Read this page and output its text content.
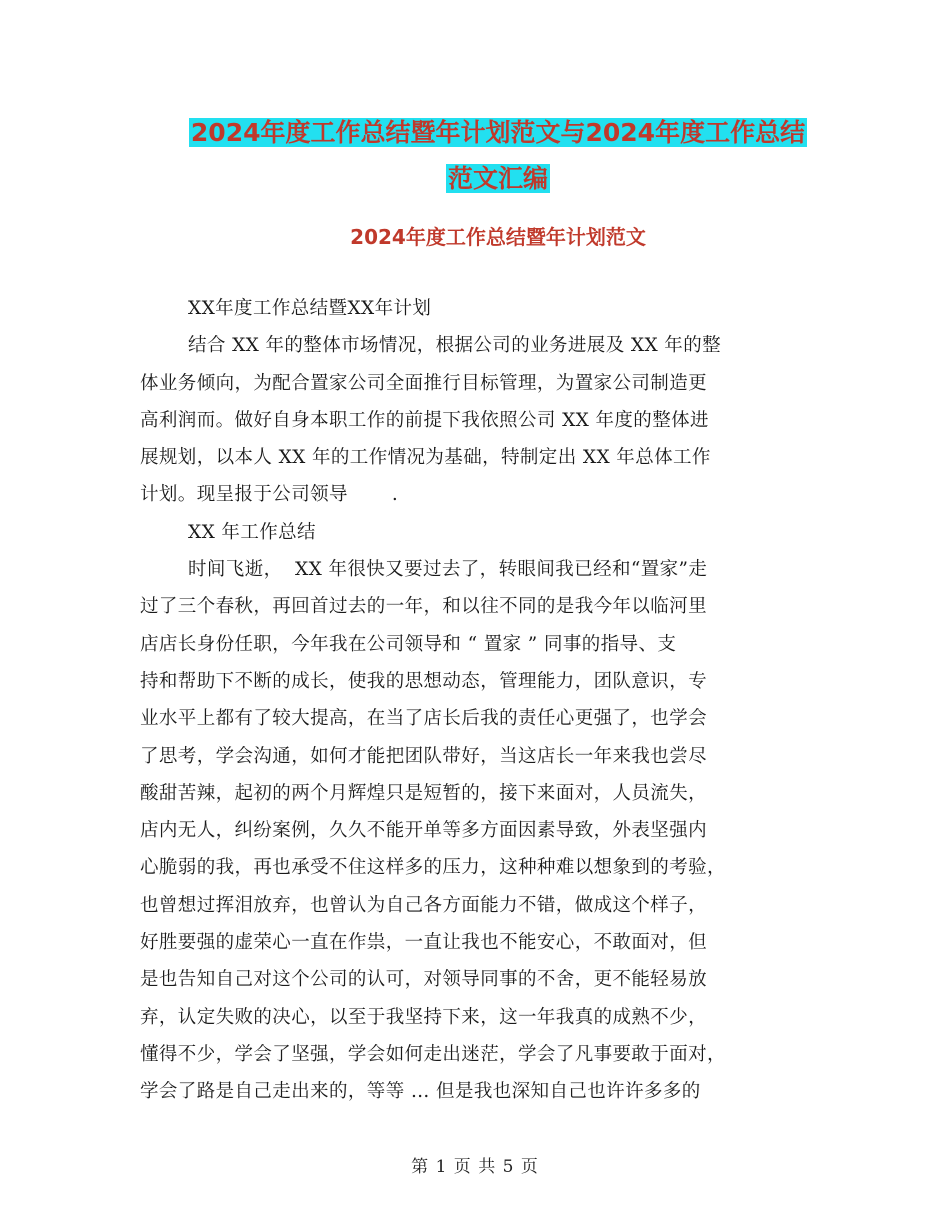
2024年度工作总结暨年计划范文与2024年度工作总结
范文汇编
2024年度工作总结暨年计划范文
XX年度工作总结暨XX年计划
结合 XX 年的整体市场情况，根据公司的业务进展及 XX 年的整
体业务倾向，为配合置家公司全面推行目标管理，为置家公司制造更
高利润而。做好自身本职工作的前提下我依照公司 XX 年度的整体进
展规划，以本人 XX 年的工作情况为基础，特制定出 XX 年总体工作
计划。现呈报于公司领导       .
XX 年工作总结
时间飞逝，  XX 年很快又要过去了，转眼间我已经和“置家”走
过了三个春秋，再回首过去的一年，和以往不同的是我今年以临河里
店店长身份任职，今年我在公司领导和 “ 置家 ” 同事的指导、支
持和帮助下不断的成长，使我的思想动态，管理能力，团队意识，专
业水平上都有了较大提高，在当了店长后我的责任心更强了，也学会
了思考，学会沟通，如何才能把团队带好，当这店长一年来我也尝尽
酸甜苦辣，起初的两个月辉煌只是短暂的，接下来面对，人员流失，
店内无人，纠纷案例，久久不能开单等多方面因素导致，外表坚强内
心脆弱的我，再也承受不住这样多的压力，这种种难以想象到的考验，
也曾想过挥泪放弃，也曾认为自己各方面能力不错，做成这个样子，
好胜要强的虚荣心一直在作祟，一直让我也不能安心，不敢面对，但
是也告知自己对这个公司的认可，对领导同事的不舍，更不能轻易放
弃，认定失败的决心，以至于我坚持下来，这一年我真的成熟不少，
懂得不少，学会了坚强，学会如何走出迷茫，学会了凡事要敢于面对，
学会了路是自己走出来的，等等 … 但是我也深知自己也许许多多的
第 1 页 共 5 页
